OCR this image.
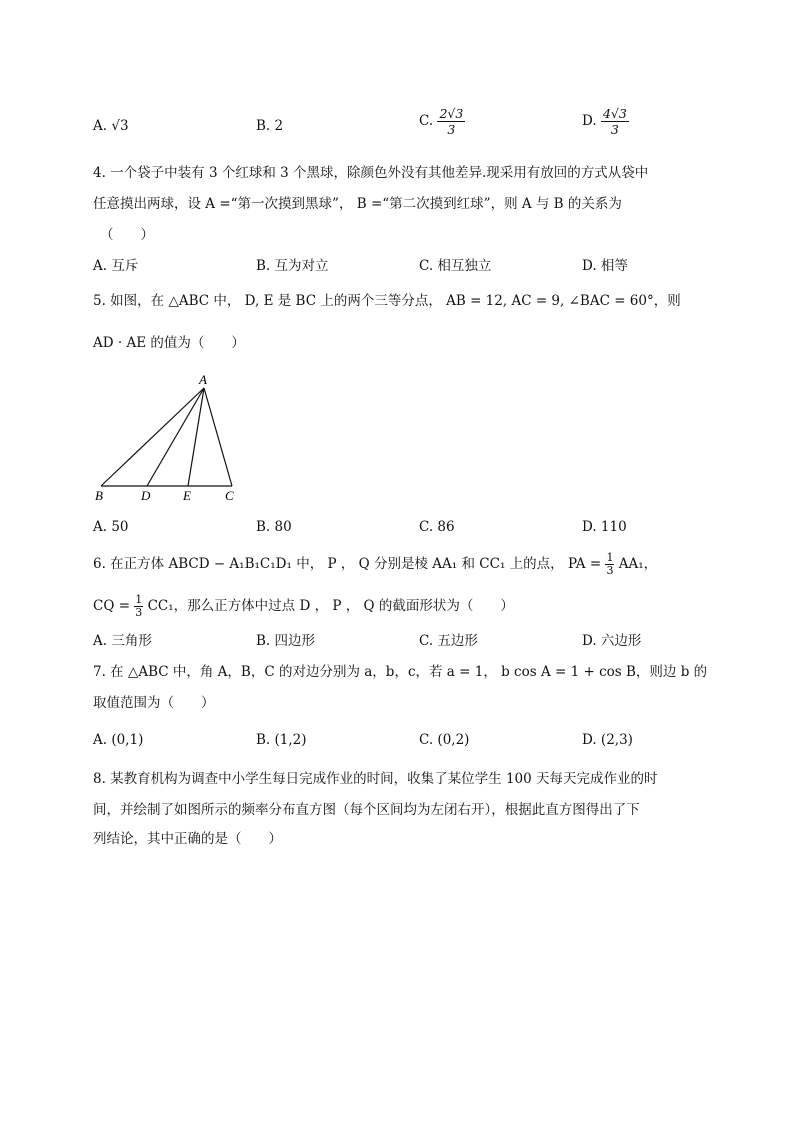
A. √3	B. 2	C. $\frac{2√3}{3}$	D. $\frac{4√3}{3}$
4. 一个袋子中装有 3 个红球和 3 个黑球，除颜色外没有其他差异.现采用有放回的方式从袋中
任意摸出两球，设 A =“第一次摸到黑球”， B =“第二次摸到红球”，则 A 与 B 的关系为
（　　）
A. 互斥	B. 互为对立	C. 相互独立	D. 相等
5. 如图，在 △ABC 中， D, E 是 BC 上的两个三等分点， AB = 12, AC = 9, ∠BAC = 60°，则
AD · AE 的值为（　　）
A
B	D	E	C
A. 50	B. 80	C. 86	D. 110
6. 在正方体 ABCD − A₁B₁C₁D₁ 中， P ， Q 分别是棱 AA₁ 和 CC₁ 上的点， PA = $\frac{1}{3} AA_1$，
CQ = $\frac{1}{3} CC_1$，那么正方体中过点 D ， P ， Q 的截面形状为（　　）
A. 三角形	B. 四边形	C. 五边形	D. 六边形
7. 在 △ABC 中，角 A，B，C 的对边分别为 a，b，c，若 a = 1， b cos A = 1 + cos B，则边 b 的
取值范围为（　　）
A. (0,1)	B. (1,2)	C. (0,2)	D. (2,3)
8. 某教育机构为调查中小学生每日完成作业的时间，收集了某位学生 100 天每天完成作业的时
间，并绘制了如图所示的频率分布直方图（每个区间均为左闭右开），根据此直方图得出了下
列结论，其中正确的是（　　）
